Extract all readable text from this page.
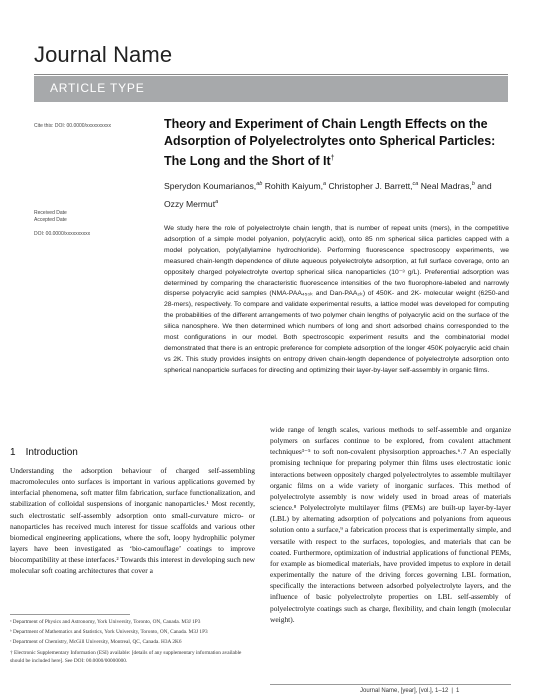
Journal Name
ARTICLE TYPE
Cite this: DOI: 00.0000/xxxxxxxxxx
Received Date
Accepted Date
DOI: 00.0000/xxxxxxxxxx
Theory and Experiment of Chain Length Effects on the Adsorption of Polyelectrolytes onto Spherical Particles: The Long and the Short of It†
Sperydon Koumarianos,$^{ab}$ Rohith Kaiyum,$^a$ Christopher J. Barrett,$^{ca}$ Neal Madras,$^b$ and Ozzy Mermut$^a$
We study here the role of polyelectrolyte chain length, that is number of repeat units (mers), in the competitive adsorption of a simple model polyanion, poly(acrylic acid), onto 85 nm spherical silica particles capped with a model polycation, poly(allylamine hydrochloride). Performing fluorescence spectroscopy experiments, we measured chain-length dependence of dilute aqueous polyelectrolyte adsorption, at full surface coverage, onto an oppositely charged polyelectrolyte overtop spherical silica nanoparticles (10⁻³ g/L). Preferential adsorption was determined by comparing the characteristic fluorescence intensities of the two fluorophore-labeled and narrowly disperse polyacrylic acid samples (NMA-PAA₄₅₀ₖ and Dan-PAA₂ₖ) of 450K- and 2K- molecular weight (6250-and 28-mers), respectively. To compare and validate experimental results, a lattice model was developed for computing the probabilities of the different arrangements of two polymer chain lengths of polyacrylic acid on the surface of the silica nanosphere. We then determined which numbers of long and short adsorbed chains corresponded to the most configurations in our model. Both spectroscopic experiment results and the combinatorial model demonstrated that there is an entropic preference for complete adsorption of the longer 450K polyacrylic acid chain vs 2K. This study provides insights on entropy driven chain-length dependence of polyelectrolyte adsorption onto spherical nanoparticle surfaces for directing and optimizing their layer-by-layer self-assembly in organic films.
1 Introduction
Understanding the adsorption behaviour of charged self-assembling macromolecules onto surfaces is important in various applications governed by interfacial phenomena, soft matter film fabrication, surface functionalization, and stabilization of colloidal suspensions of inorganic nanoparticles.¹ Most recently, such electrostatic self-assembly adsorption onto small-curvature micro- or nanoparticles has received much interest for tissue scaffolds and various other biomedical engineering applications, where the soft, loopy hydrophilic polymer layers have been investigated as ‘bio-camouflage’ coatings to improve biocompatibility at these interfaces.² Towards this interest in developing such new molecular soft coating architectures that cover a
ᵃ Department of Physics and Astronomy, York University, Toronto, ON, Canada. M3J 1P3
ᵇ Department of Mathematics and Statistics, York University, Toronto, ON, Canada. M3J 1P3
ᶜ Department of Chemistry, McGill University, Montreal, QC, Canada. H3A 2K6
† Electronic Supplementary Information (ESI) available: [details of any supplementary information available should be included here]. See DOI: 00.0000/00000000.
wide range of length scales, various methods to self-assemble and organize polymers on surfaces continue to be explored, from covalent attachment techniques³⁻⁵ to soft non-covalent physisorption approaches.⁶˒7 An especially promising technique for preparing polymer thin films uses electrostatic ionic interactions between oppositely charged polyelectrolytes to assemble multilayer organic films on a wide variety of inorganic surfaces. This method of polyelectrolyte assembly is now widely used in broad areas of materials science.⁸ Polyelectrolyte multilayer films (PEMs) are built-up layer-by-layer (LBL) by alternating adsorption of polycations and polyanions from aqueous solution onto a surface,⁹ a fabrication process that is experimentally simple, and versatile with respect to the surfaces, topologies, and materials that can be coated. Furthermore, optimization of industrial applications of functional PEMs, for example as biomedical materials, have provided impetus to explore in detail experimentally the nature of the driving forces governing LBL formation, specifically the interactions between adsorbed polyelectrolyte layers, and the influence of basic polyelectrolyte properties on LBL self-assembly of polyelectrolyte coatings such as charge, flexibility, and chain length (molecular weight).
Journal Name, [year], [vol.], 1–12 | 1
